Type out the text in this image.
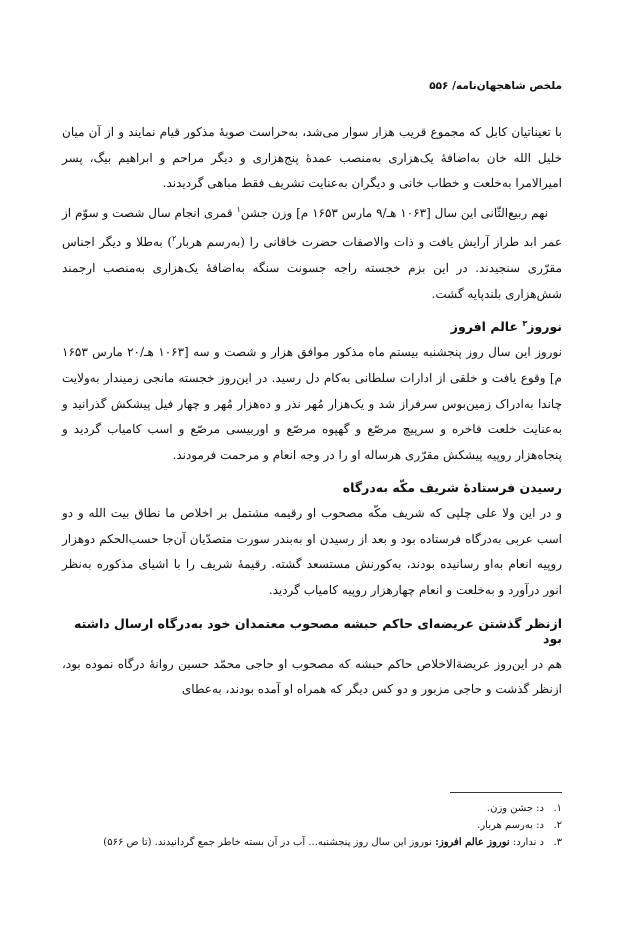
ملخص شاهجهان‌نامه/ ۵۵۶

با تعیناتیان کابل که مجموع قریب هزار سوار می‌شد، به‌حراست صوبهٔ مذکور قیام نمایند و از آن میان خلیل الله خان به‌اضافهٔ یک‌هزاری به‌منصب عمدهٔ پنج‌هزاری و دیگر مراحم و ابراهیم بیگ، پسر امیرالامرا به‌خلعت و خطاب خانی و دیگران به‌عنایت تشریف فقط مباهی گردیدند.

نهم ربیع‌الثّانی این سال [۱۰۶۳ هـ/۹ مارس ۱۶۵۳ م] وزن جشن$^۱$ قمری انجام سال شصت و سوّم از عمر ابد طراز آرایش یافت و ذات والاصفات حضرت خاقانی را (به‌رسم هربار$^۲$) به‌طلا و دیگر اجناس مقرّری سنجیدند. در این بزم خجسته راجه جسونت سنگه به‌اضافهٔ یک‌هزاری به‌منصب ارجمند شش‌هزاری بلندپایه گشت.

نوروز$^۳$ عالم افروز

نوروز این سال روز پنجشنبه بیستم ماه مذکور موافق هزار و شصت و سه [۱۰۶۳ هـ/۲۰ مارس ۱۶۵۳ م] وقوع یافت و خلقی از ادارات سلطانی به‌کام دل رسید. در این‌روز خجسته مانجی زمیندار به‌ولایت چاندا به‌ادراک زمین‌بوس سرفراز شد و یک‌هزار مُهر نذر و ده‌هزار مُهر و چهار فیل پیشکش گذرانید و به‌عنایت خلعت فاخره و سرپیچ مرصّع و گهپوه مرصّع و اوربیسی مرصّع و اسب کامیاب گردید و پنجاه‌هزار روپیه پیشکش مقرّری هرساله او را در وجه انعام و مرحمت فرمودند.

رسیدن فرستادهٔ شریف مکّه به‌درگاه

و در این ولا علی چلپی که شریف مکّه مصحوب او رقیمه مشتمل بر اخلاص ما نطاق بیت الله و دو اسب عربی به‌درگاه فرستاده بود و بعد از رسیدن او به‌بندر سورت متصدّیان آن‌جا حسب‌الحکم دوهزار روپیه انعام به‌او رسانیده بودند، به‌کورنش مستسعد گشته. رقیمهٔ شریف را با اشیای مذکوره به‌نظر انور درآورد و به‌خلعت و انعام چهارهزار روپیه کامیاب گردید.

ازنظر گذشتن عریضه‌ای حاکم حبشه مصحوب معتمدان خود به‌درگاه ارسال داشته بود

هم در این‌روز عریضة‌الاخلاص حاکم حبشه که مصحوب او حاجی محمّد حسین روانهٔ درگاه نموده بود، ازنظر گذشت و حاجی مزبور و دو کس دیگر که همراه او آمده بودند، به‌عطای

۱.
د: جشن وزن.
۲.
د: به‌رسم هربار.
۳.
د ندارد: نوروز عالم افروز: نوروز این سال روز پنجشنبه... آب در آن بسته خاطر جمع گردانیدند. (تا ص ۵۶۶)
